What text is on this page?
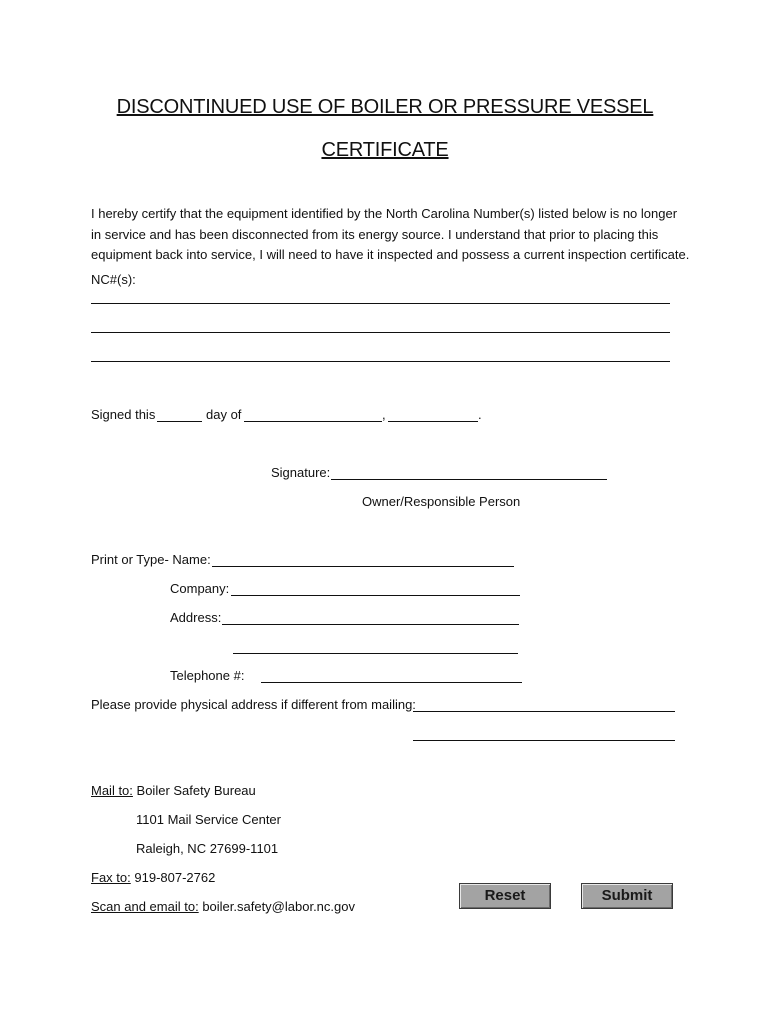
DISCONTINUED USE OF BOILER OR PRESSURE VESSEL
CERTIFICATE
I hereby certify that the equipment identified by the North Carolina Number(s) listed below is no longer
in service and has been disconnected from its energy source. I understand that prior to placing this
equipment back into service, I will need to have it inspected and possess a current inspection certificate.
NC#(s):
Signed this	day of	,	.
Signature:
Owner/Responsible Person
Print or Type- Name:
Company:
Address:
Telephone #:
Please provide physical address if different from mailing:
Mail to: Boiler Safety Bureau
1101 Mail Service Center
Raleigh, NC 27699-1101
Fax to: 919-807-2762
Scan and email to: boiler.safety@labor.nc.gov
Reset	Submit
